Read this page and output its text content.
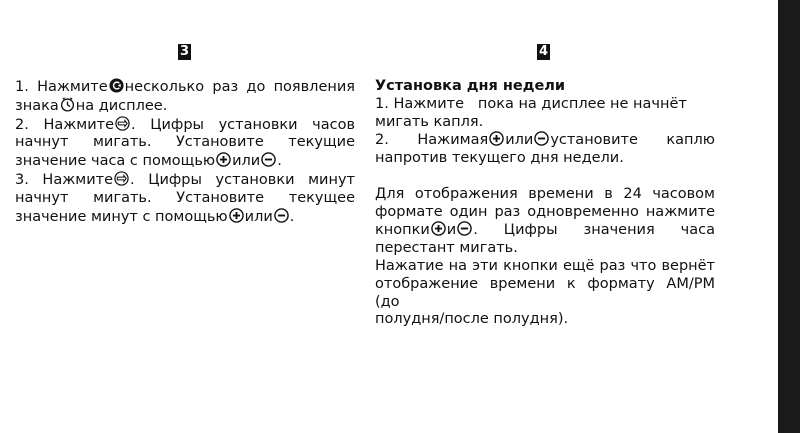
3

1. Нажмите несколько раз до появления

знака на дисплее.

2. Нажмите . Цифры установки часов

начнут мигать. Установите текущие

значение часа с помощью или .

3. Нажмите . Цифры установки минут

начнут мигать. Установите текущее

значение минут с помощью или .

4

Установка дня недели

1. Нажмите   пока на дисплее не начнёт

мигать капля.

2. Нажимая или установите каплю

напротив текущего дня недели.

Для отображения времени в 24 часовом

формате один раз одновременно нажмите

кнопки и . Цифры значения часа

перестант мигать.

Нажатие на эти кнопки ещё раз что вернёт

отображение времени к формату AM/PM (до

полудня/после полудня).
